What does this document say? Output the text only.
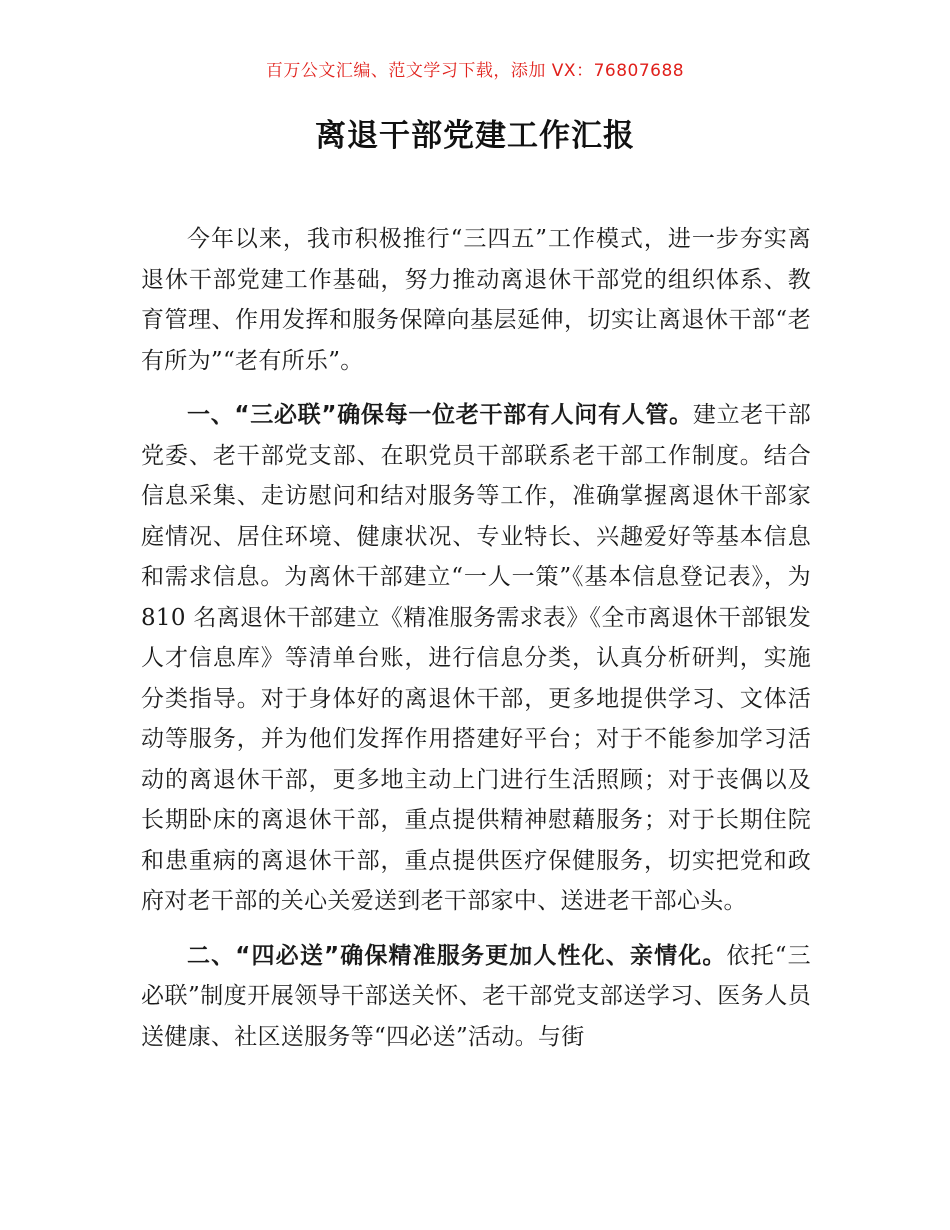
百万公文汇编、范文学习下载，添加 VX：76807688
离退干部党建工作汇报

今年以来，我市积极推行“三四五”工作模式，进一步夯实离退休干部党建工作基础，努力推动离退休干部党的组织体系、教育管理、作用发挥和服务保障向基层延伸，切实让离退休干部“老有所为”“老有所乐”。

一、“三必联”确保每一位老干部有人问有人管。建立老干部党委、老干部党支部、在职党员干部联系老干部工作制度。结合信息采集、走访慰问和结对服务等工作，准确掌握离退休干部家庭情况、居住环境、健康状况、专业特长、兴趣爱好等基本信息和需求信息。为离休干部建立“一人一策”《基本信息登记表》，为 810 名离退休干部建立《精准服务需求表》《全市离退休干部银发人才信息库》等清单台账，进行信息分类，认真分析研判，实施分类指导。对于身体好的离退休干部，更多地提供学习、文体活动等服务，并为他们发挥作用搭建好平台；对于不能参加学习活动的离退休干部，更多地主动上门进行生活照顾；对于丧偶以及长期卧床的离退休干部，重点提供精神慰藉服务；对于长期住院和患重病的离退休干部，重点提供医疗保健服务，切实把党和政府对老干部的关心关爱送到老干部家中、送进老干部心头。

二、“四必送”确保精准服务更加人性化、亲情化。依托“三必联”制度开展领导干部送关怀、老干部党支部送学习、医务人员送健康、社区送服务等“四必送”活动。与街
